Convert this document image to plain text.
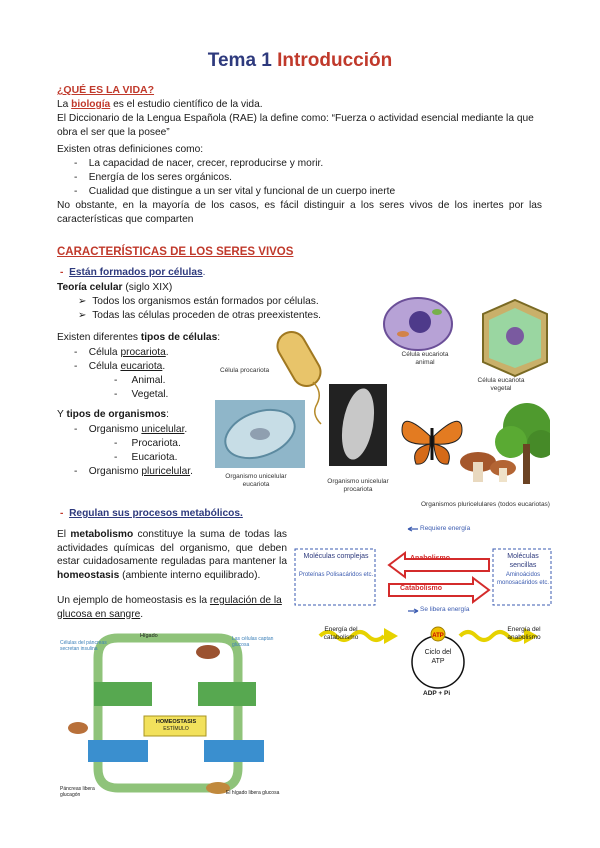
Tema 1 Introducción
¿QUÉ ES LA VIDA?
La biología es el estudio científico de la vida.
El Diccionario de la Lengua Española (RAE) la define como: “Fuerza o actividad esencial mediante la que obra el ser que la posee”
Existen otras definiciones como:
-    La capacidad de nacer, crecer, reproducirse y morir.
-    Energía de los seres orgánicos.
-    Cualidad que distingue a un ser vital y funcional de un cuerpo inerte
No obstante, en la mayoría de los casos, es fácil distinguir a los seres vivos de los inertes por las características que comparten
CARACTERÍSTICAS DE LOS SERES VIVOS
-  Están formados por células.
Teoría celular (siglo XIX)
➢  Todos los organismos están formados por células.
➢  Todas las células proceden de otras preexistentes.
Existen diferentes tipos de células:
-    Célula procariota.
-    Célula eucariota.
-     Animal.
-     Vegetal.
Y tipos de organismos:
-    Organismo unicelular.
-     Procariota.
-     Eucariota.
-    Organismo pluricelular.
Célula procariota
Célula eucariota animal
Célula eucariota vegetal
Organismo unicelular eucariota	Organismo unicelular procariota
Organismos pluricelulares (todos eucariotas)
-  Regulan sus procesos metabólicos.
El metabolismo constituye la suma de todas las actividades químicas del organismo, que deben estar cuidadosamente reguladas para mantener la homeostasis (ambiente interno equilibrado).
Un ejemplo de homeostasis es la regulación de la glucosa en sangre.
Requiere energía
Anabolismo
Catabolismo
Se libera energía
Moléculas complejas
Proteínas Polisacáridos etc.
Moléculas sencillas
Aminoácidos monosacáridos etc.
ATP
Ciclo del ATP
ADP + Pi
Energía del catabolismo
Energía del anabolismo
HOMEOSTASIS
ESTÍMULO
Hígado
Células del páncreas secretan insulina
Páncreas libera glucagón
Las células captan glucosa
El hígado libera glucosa
